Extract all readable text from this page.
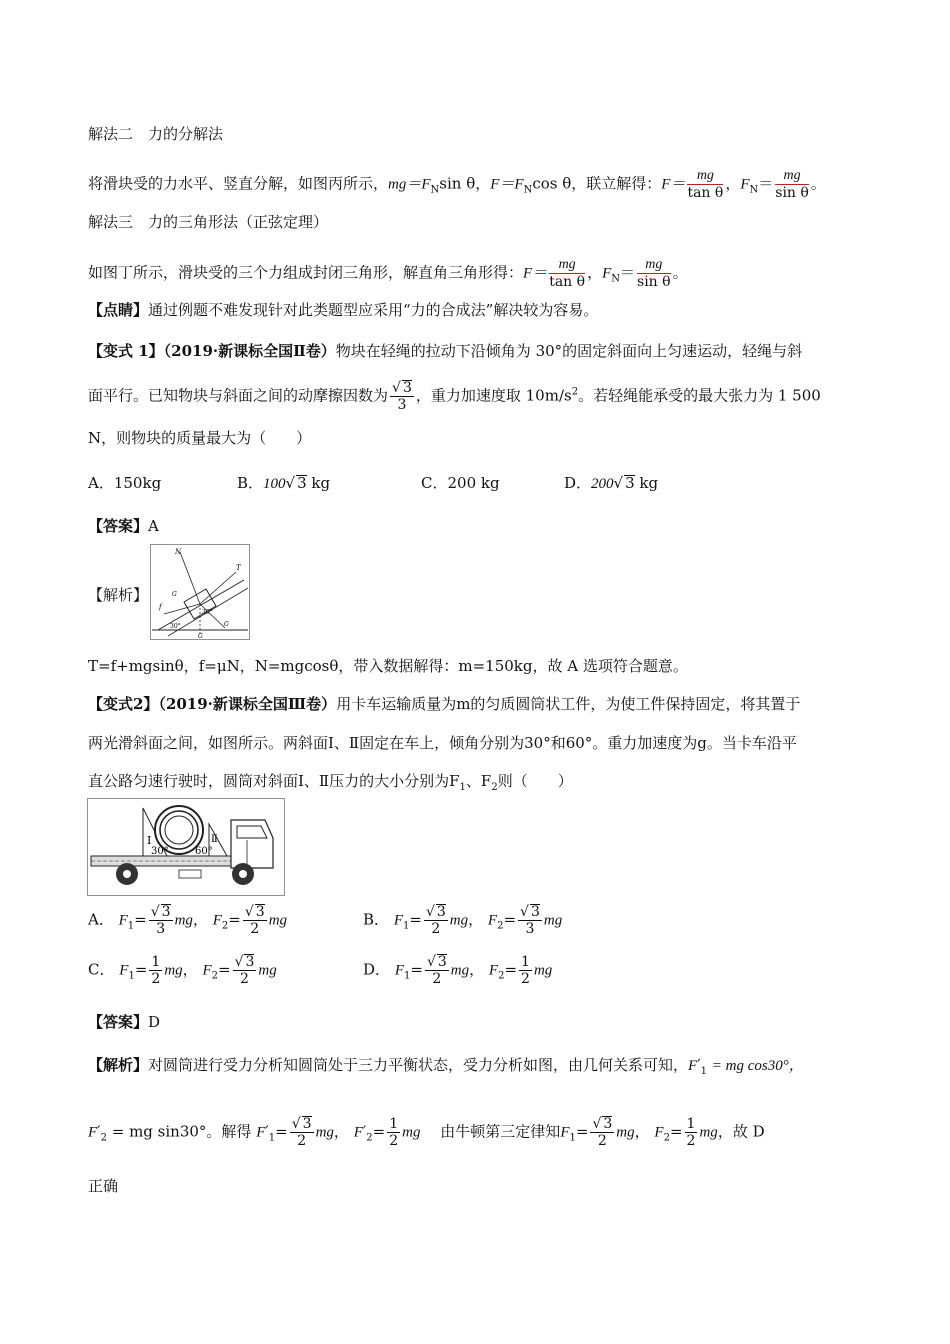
解法二　力的分解法
将滑块受的力水平、竖直分解，如图丙所示，$mg=F_N\sin$ θ，$F=F_N\cos$ θ，联立解得：$F= \frac{mg}{\text{tan θ}}$ ，$F_N= \frac{mg}{\text{sin θ}}$ 。
解法三　力的三角形法（正弦定理）
如图丁所示，滑块受的三个力组成封闭三角形，解直角三角形得：$F= \frac{mg}{\text{tan θ}}$ ，$F_N= \frac{mg}{\text{sin θ}}$ 。
【点睛】通过例题不难发现针对此类题型应采用“力的合成法”解决较为容易。
【变式 1】（2019·新课标全国Ⅱ卷）物块在轻绳的拉动下沿倾角为 30°的固定斜面向上匀速运动，轻绳与斜
面平行。已知物块与斜面之间的动摩擦因数为 $\frac{√ 3}{3}$ ，重力加速度取 $10m/s^2$。若轻绳能承受的最大张力为 1 500
N，则物块的质量最大为（　　）
A．150kg	B．100√ 3 kg	C．200 kg	D．200√ 3 kg
【答案】A
【解析】
N
T
f
G
G
G
30°
30°
T=f+mgsinθ，f=μN，N=mgcosθ，带入数据解得：m=150kg，故 A 选项符合题意。
【变式2】（2019·新课标全国Ⅲ卷）用卡车运输质量为m的匀质圆筒状工件，为使工件保持固定，将其置于
两光滑斜面之间，如图所示。两斜面Ⅰ、Ⅱ固定在车上，倾角分别为30°和60°。重力加速度为g。当卡车沿平
直公路匀速行驶时，圆筒对斜面Ⅰ、Ⅱ压力的大小分别为$F_1$、$F_2$则（　　）
Ⅰ	Ⅱ
30°	60°
A． $F_1= \frac{√ 3}{3}$ mg， $F_2= \frac{√ 3}{2}$ mg	B． $F_1= \frac{√ 3}{2}$ mg， $F_2= \frac{√ 3}{3}$ mg
C． $F_1= \frac{1}{2}$ mg， $F_2= \frac{√ 3}{2}$ mg	D． $F_1= \frac{√ 3}{2}$ mg， $F_2= \frac{1}{2}$ mg
【答案】D
【解析】对圆筒进行受力分析知圆筒处于三力平衡状态，受力分析如图，由几何关系可知，$F'_1$ = mg cos30°，
$F'_2$ = mg sin30°。解得 $F'_1= \frac{√ 3}{2}$ mg， $F'_2= \frac{1}{2}$ mg　 由牛顿第三定律知$F_1= \frac{√ 3}{2}$ mg， $F_2= \frac{1}{2}$ mg，故 D
正确
